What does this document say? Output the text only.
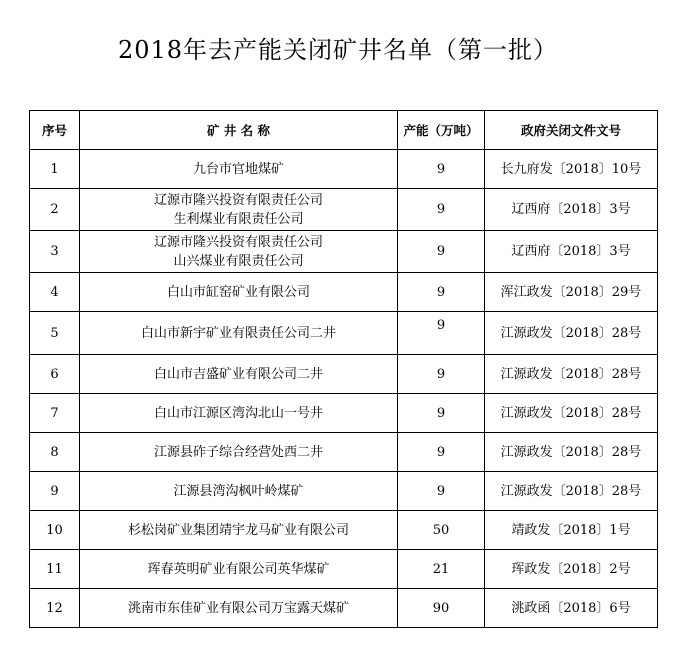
2018年去产能关闭矿井名单（第一批）
序号	矿 井 名 称	产能（万吨）	政府关闭文件文号
1	九台市官地煤矿	9	长九府发〔2018〕10号
2	辽源市隆兴投资有限责任公司
生利煤业有限责任公司	9	辽西府〔2018〕3号
3	辽源市隆兴投资有限责任公司
山兴煤业有限责任公司	9	辽西府〔2018〕3号
4	白山市缸窑矿业有限公司	9	浑江政发〔2018〕29号
5	白山市新宇矿业有限责任公司二井	9	江源政发〔2018〕28号
6	白山市吉盛矿业有限公司二井	9	江源政发〔2018〕28号
7	白山市江源区湾沟北山一号井	9	江源政发〔2018〕28号
8	江源县砟子综合经营处西二井	9	江源政发〔2018〕28号
9	江源县湾沟枫叶岭煤矿	9	江源政发〔2018〕28号
10	杉松岗矿业集团靖宇龙马矿业有限公司	50	靖政发〔2018〕1号
11	珲春英明矿业有限公司英华煤矿	21	珲政发〔2018〕2号
12	洮南市东佳矿业有限公司万宝露天煤矿	90	洮政函〔2018〕6号
